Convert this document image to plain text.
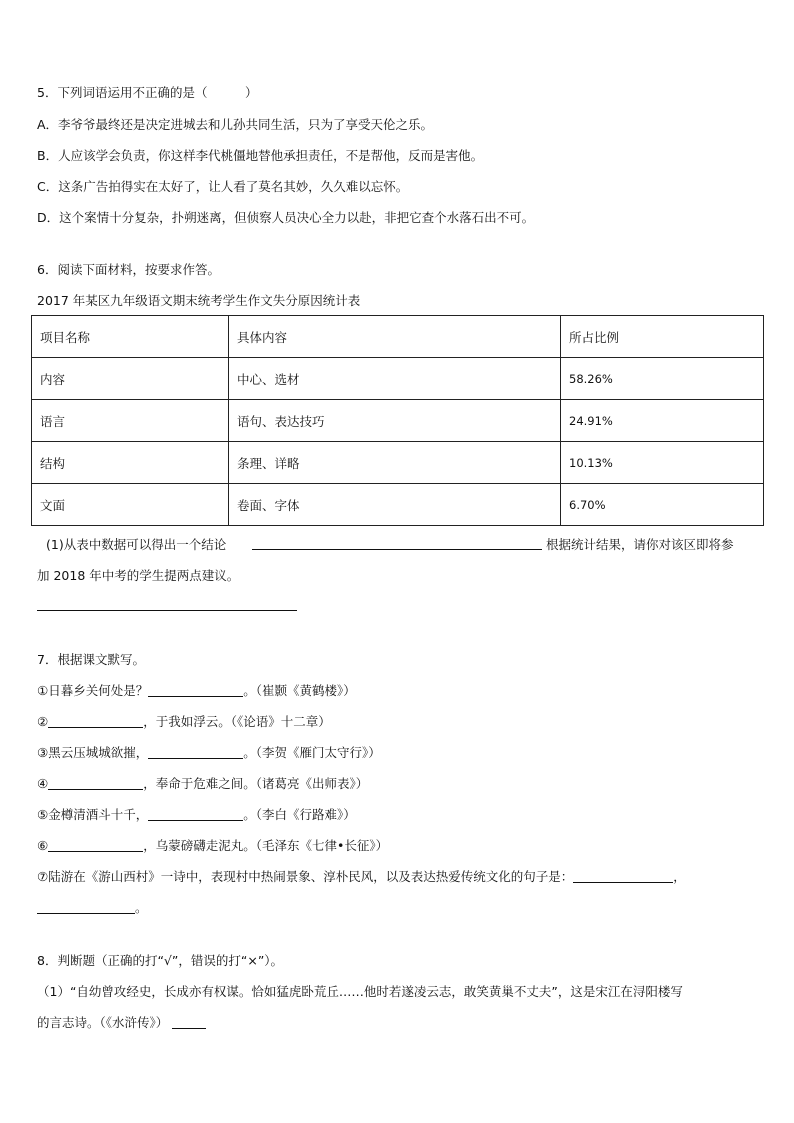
5．下列词语运用不正确的是（　　　）
A．李爷爷最终还是决定进城去和儿孙共同生活，只为了享受天伦之乐。
B．人应该学会负责，你这样李代桃僵地替他承担责任，不是帮他，反而是害他。
C．这条广告拍得实在太好了，让人看了莫名其妙，久久难以忘怀。
D．这个案情十分复杂，扑朔迷离，但侦察人员决心全力以赴，非把它查个水落石出不可。
6．阅读下面材料，按要求作答。
2017 年某区九年级语文期末统考学生作文失分原因统计表
项目名称	具体内容	所占比例
内容	中心、选材	58.26%
语言	语句、表达技巧	24.91%
结构	条理、详略	10.13%
文面	卷面、字体	6.70%
(1)从表中数据可以得出一个结论	根据统计结果，请你对该区即将参
加 2018 年中考的学生提两点建议。
7．根据课文默写。
①日暮乡关何处是？	。（崔颢《黄鹤楼》）
②	，于我如浮云。（《论语》十二章）
③黑云压城城欲摧，	。（李贺《雁门太守行》）
④	，奉命于危难之间。（诸葛亮《出师表》）
⑤金樽清酒斗十千，	。（李白《行路难》）
⑥	，乌蒙磅礴走泥丸。（毛泽东《七律•长征》）
⑦陆游在《游山西村》一诗中，表现村中热闹景象、淳朴民风，以及表达热爱传统文化的句子是：	，
。
8．判断题（正确的打“√”，错误的打“×”）。
（1）“自幼曾攻经史，长成亦有权谋。恰如猛虎卧荒丘……他时若遂凌云志，敢笑黄巢不丈夫”，这是宋江在浔阳楼写
的言志诗。（《水浒传》）
